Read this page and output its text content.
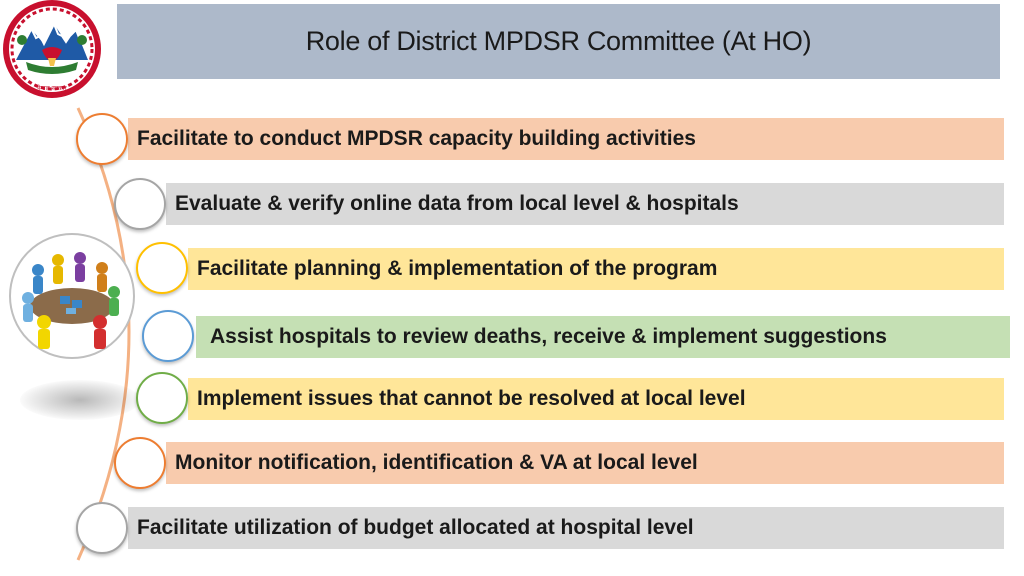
Role of District MPDSR Committee (At HO)
नेपाल सरकार
Facilitate to conduct MPDSR capacity building activities
Evaluate & verify online data from local level & hospitals
Facilitate planning & implementation of the program
Assist hospitals to review deaths, receive & implement suggestions
Implement issues that cannot be resolved at local level
Monitor notification, identification & VA at local level
Facilitate utilization of budget allocated at hospital level
